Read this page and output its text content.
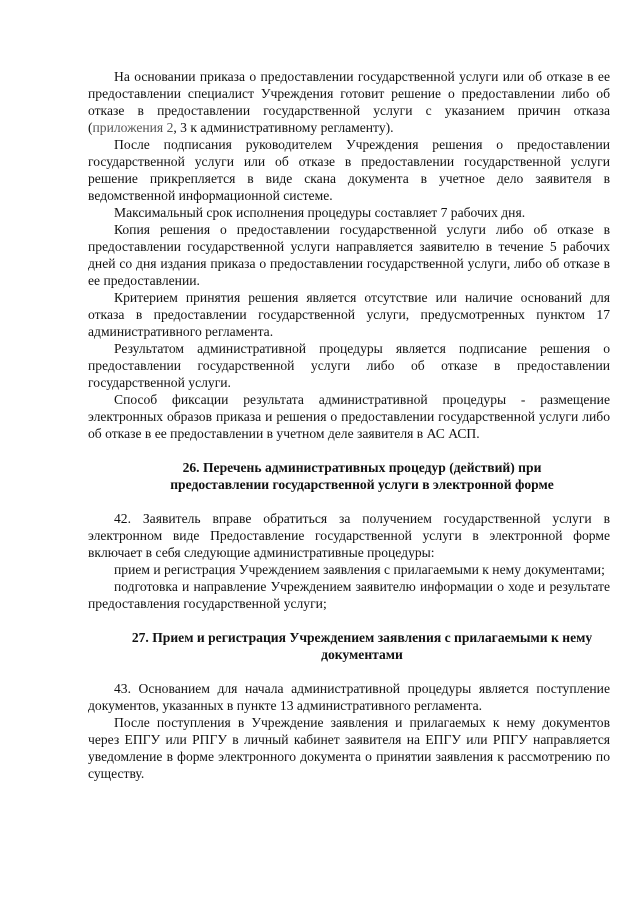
На основании приказа о предоставлении государственной услуги или об отказе в ее предоставлении специалист Учреждения готовит решение о предоставлении либо об отказе в предоставлении государственной услуги с указанием причин отказа (приложения 2, 3 к административному регламенту).

После подписания руководителем Учреждения решения о предоставлении государственной услуги или об отказе в предоставлении государственной услуги решение прикрепляется в виде скана документа в учетное дело заявителя в ведомственной информационной системе.

Максимальный срок исполнения процедуры составляет 7 рабочих дня.

Копия решения о предоставлении государственной услуги либо об отказе в предоставлении государственной услуги направляется заявителю в течение 5 рабочих дней со дня издания приказа о предоставлении государственной услуги, либо об отказе в ее предоставлении.

Критерием принятия решения является отсутствие или наличие оснований для отказа в предоставлении государственной услуги, предусмотренных пунктом 17 административного регламента.

Результатом административной процедуры является подписание решения о предоставлении государственной услуги либо об отказе в предоставлении государственной услуги.

Способ фиксации результата административной процедуры - размещение электронных образов приказа и решения о предоставлении государственной услуги либо об отказе в ее предоставлении в учетном деле заявителя в АС АСП.

26. Перечень административных процедур (действий) при
предоставлении государственной услуги в электронной форме

42. Заявитель вправе обратиться за получением государственной услуги в электронном виде Предоставление государственной услуги в электронной форме включает в себя следующие административные процедуры:

прием и регистрация Учреждением заявления с прилагаемыми к нему документами;

подготовка и направление Учреждением заявителю информации о ходе и результате предоставления государственной услуги;

27. Прием и регистрация Учреждением заявления с прилагаемыми к нему
документами

43. Основанием для начала административной процедуры является поступление документов, указанных в пункте 13 административного регламента.

После поступления в Учреждение заявления и прилагаемых к нему документов через ЕПГУ или РПГУ в личный кабинет заявителя на ЕПГУ или РПГУ направляется уведомление в форме электронного документа о принятии заявления к рассмотрению по существу.
